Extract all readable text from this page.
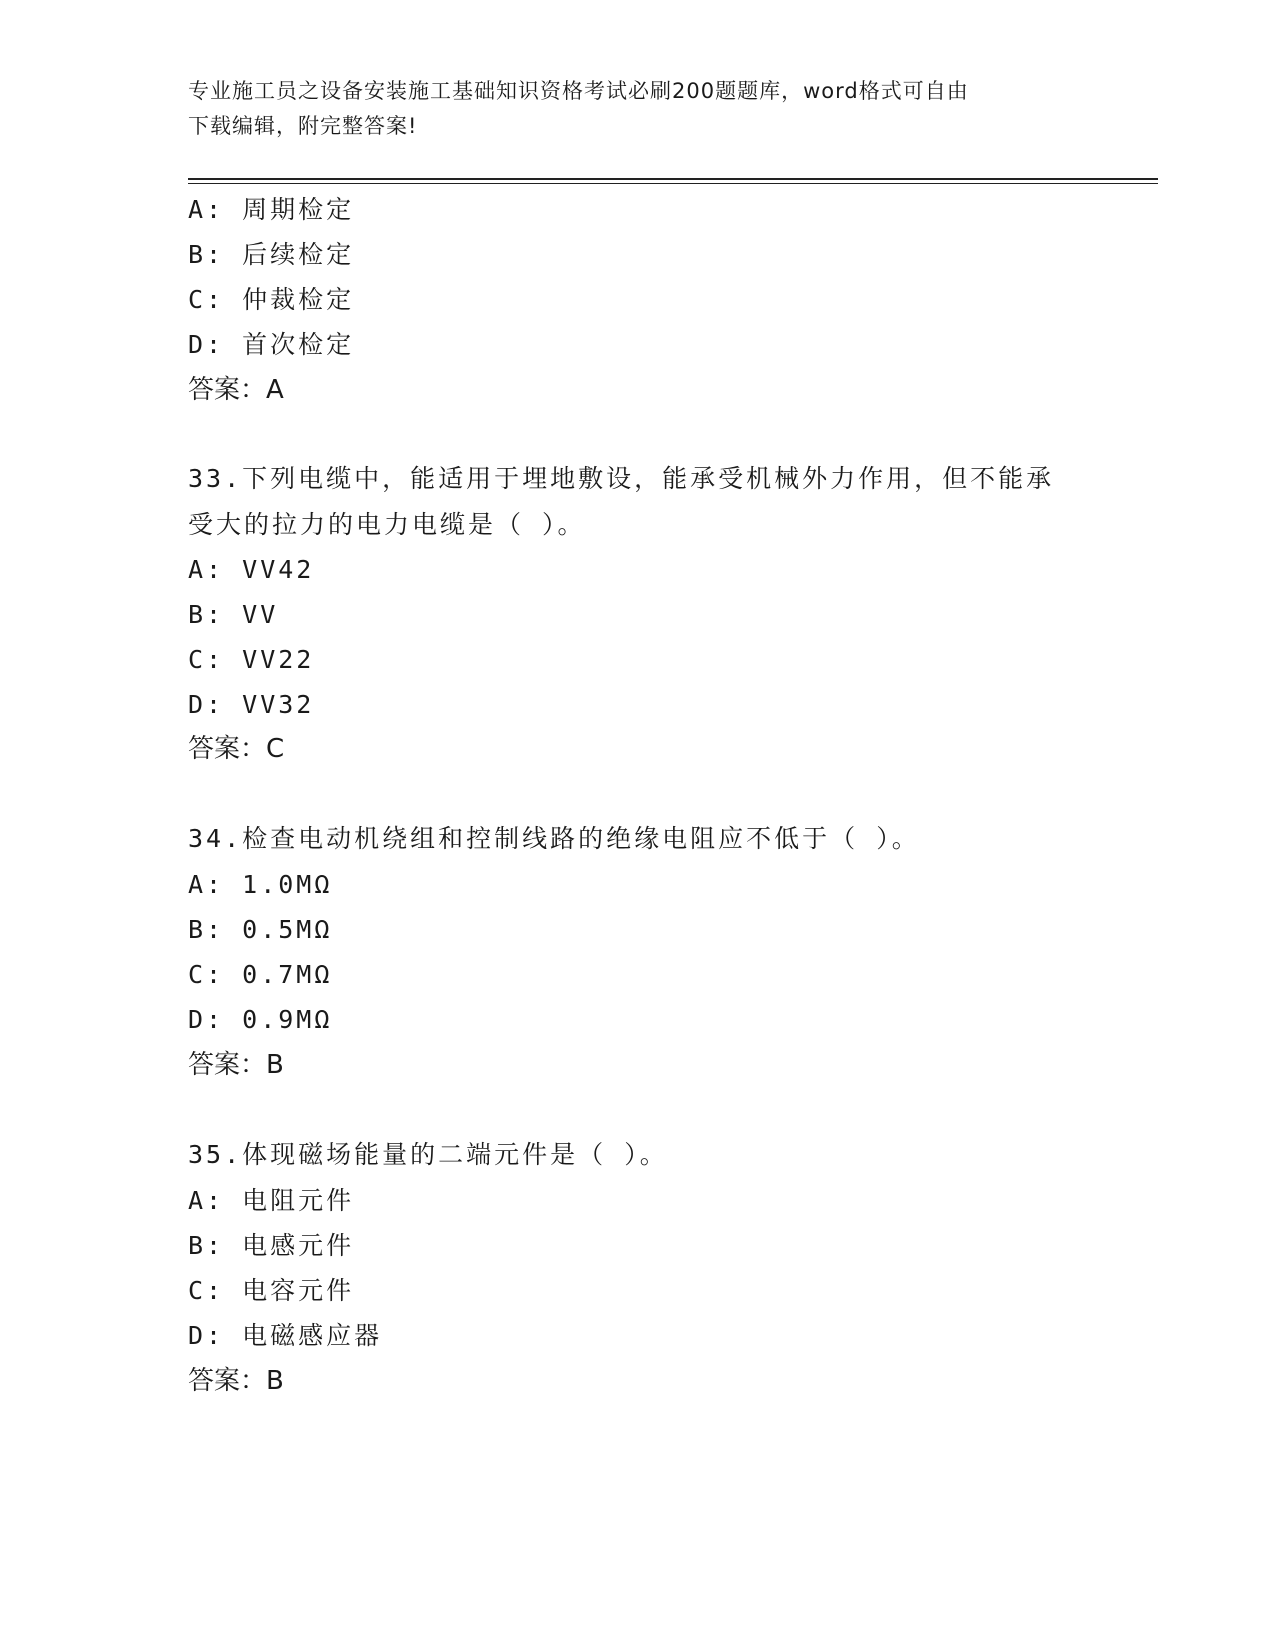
专业施工员之设备安装施工基础知识资格考试必刷200题题库，word格式可自由
下载编辑，附完整答案!
A: 周期检定
B: 后续检定
C: 仲裁检定
D: 首次检定
答案：A
33.下列电缆中，能适用于埋地敷设，能承受机械外力作用，但不能承
受大的拉力的电力电缆是（ ）。
A: VV42
B: VV
C: VV22
D: VV32
答案：C
34.检查电动机绕组和控制线路的绝缘电阻应不低于（ ）。
A: 1.0MΩ
B: 0.5MΩ
C: 0.7MΩ
D: 0.9MΩ
答案：B
35.体现磁场能量的二端元件是（ ）。
A: 电阻元件
B: 电感元件
C: 电容元件
D: 电磁感应器
答案：B
